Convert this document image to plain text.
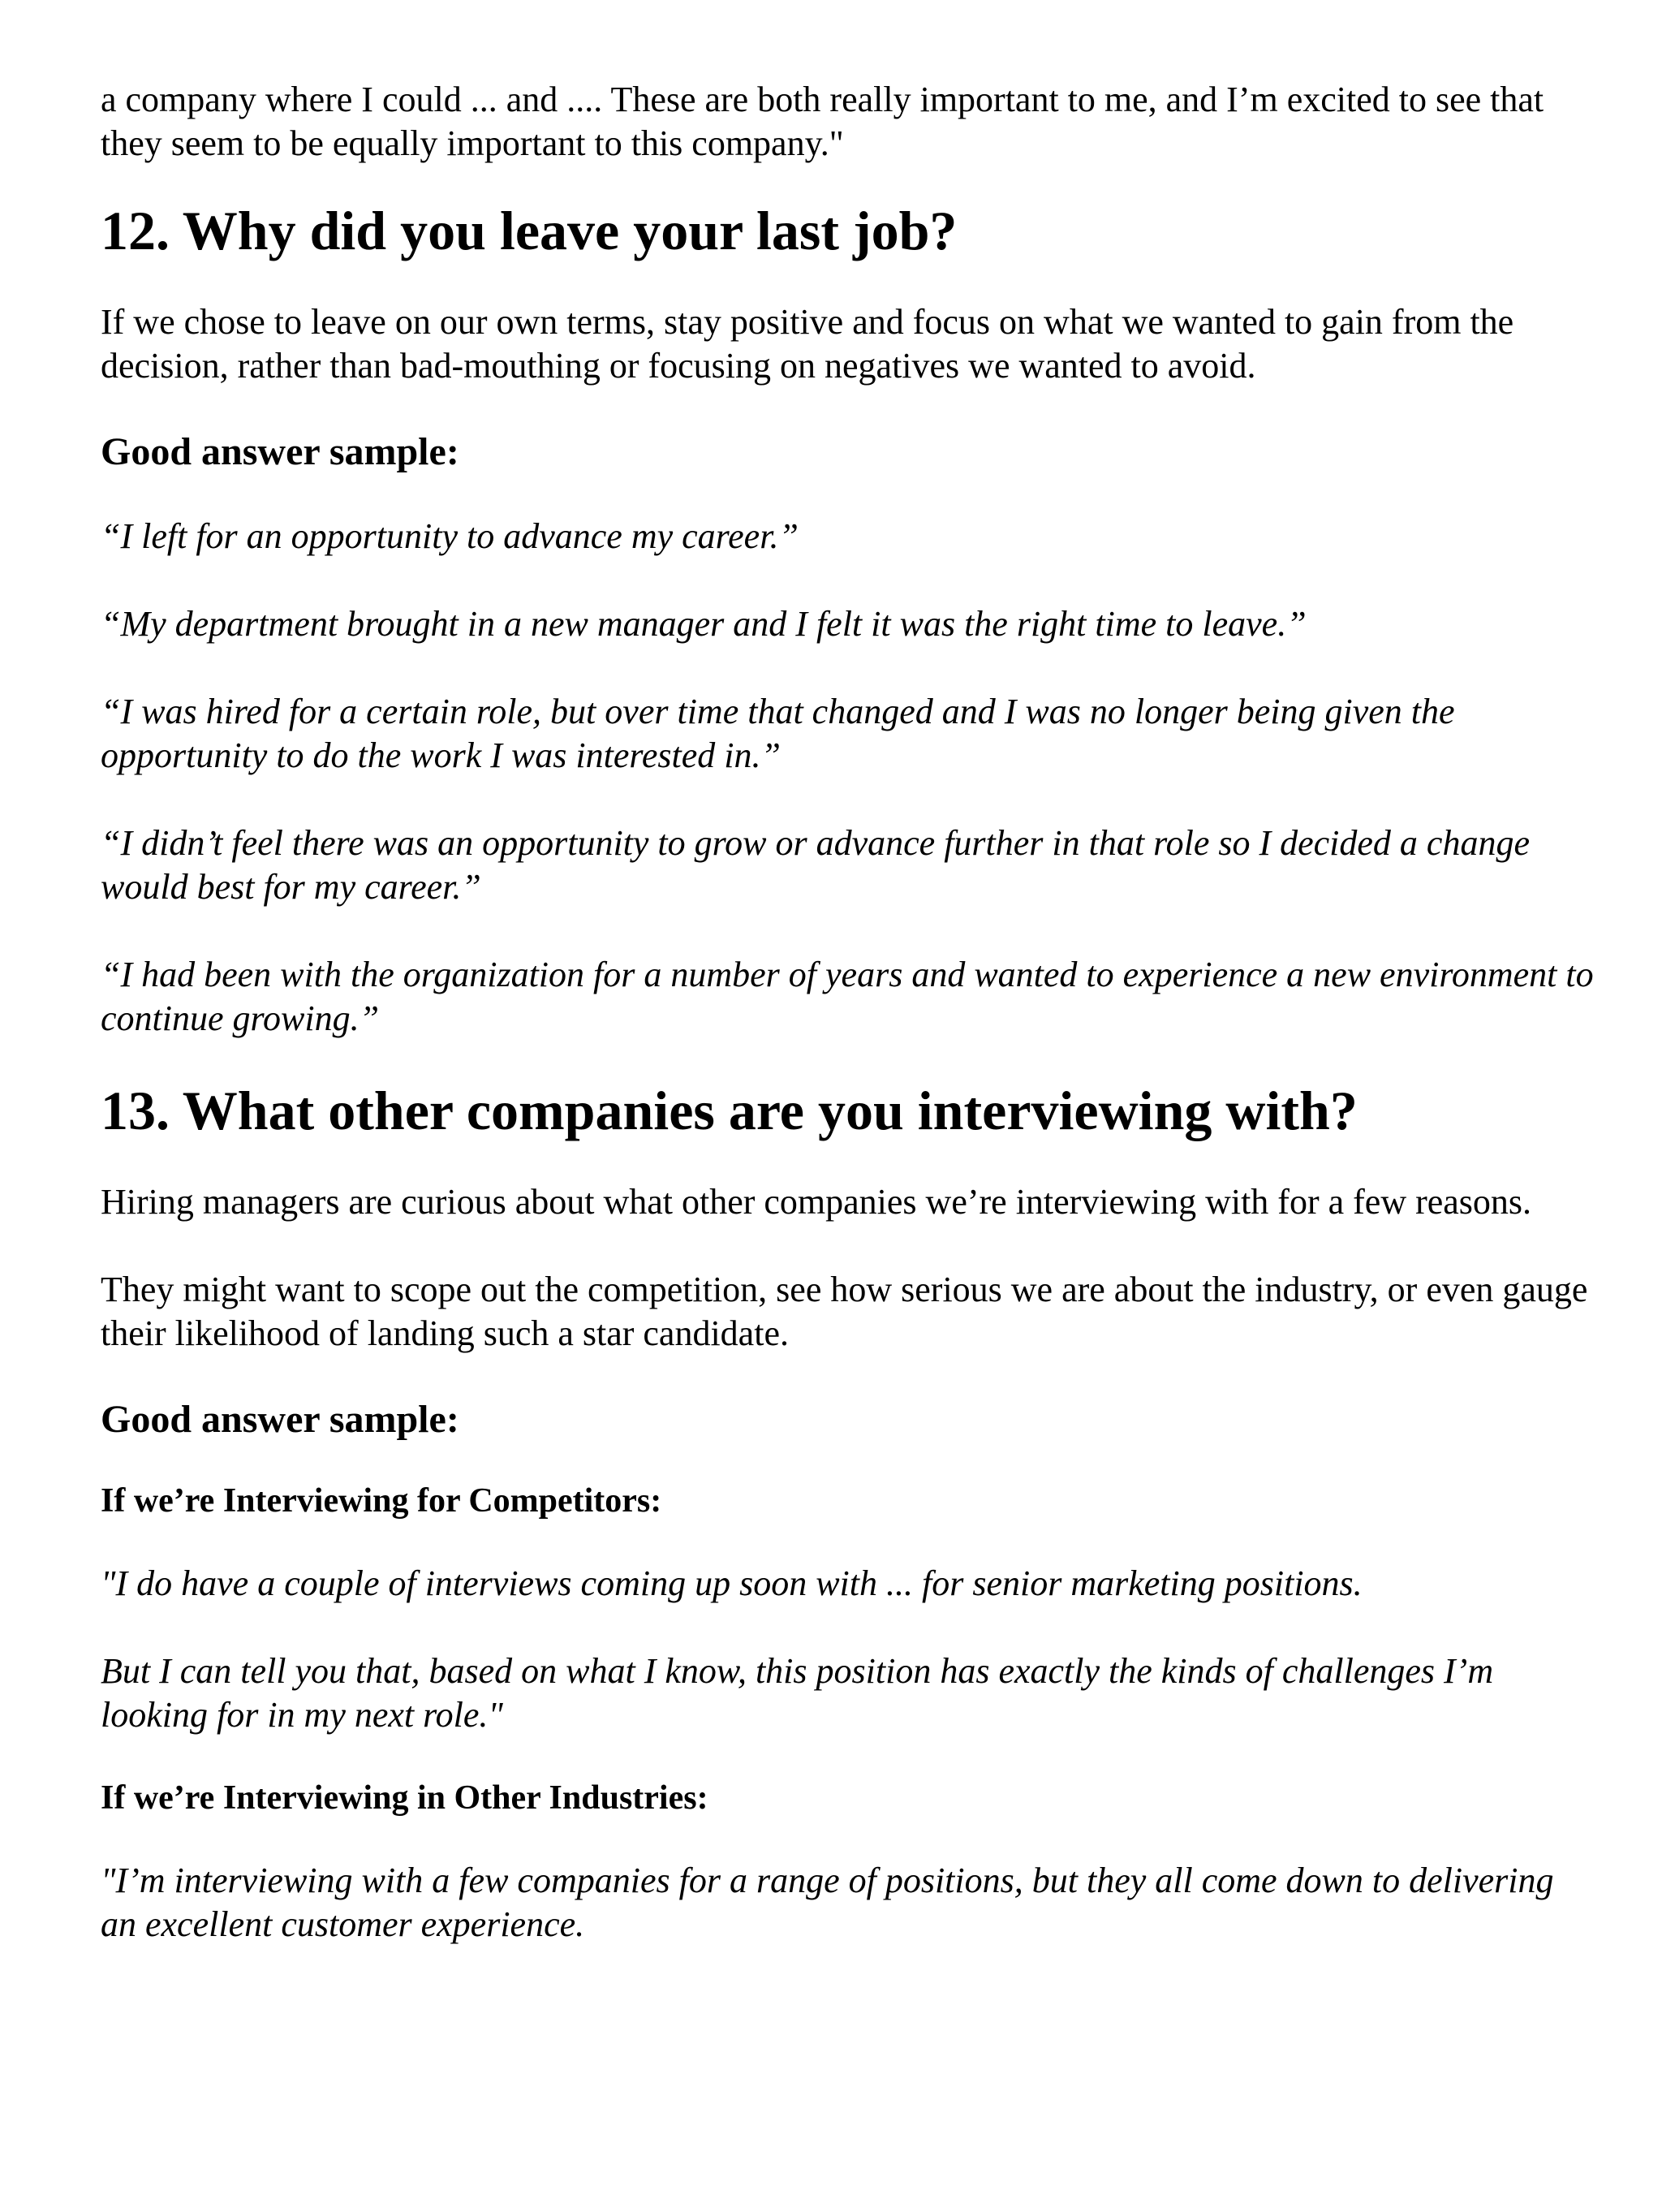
a company where I could ... and .... These are both really important to me, and I’m excited to see that they seem to be equally important to this company."

12. Why did you leave your last job?

If we chose to leave on our own terms, stay positive and focus on what we wanted to gain from the decision, rather than bad-mouthing or focusing on negatives we wanted to avoid.

Good answer sample:

“I left for an opportunity to advance my career.”

“My department brought in a new manager and I felt it was the right time to leave.”

“I was hired for a certain role, but over time that changed and I was no longer being given the opportunity to do the work I was interested in.”

“I didn’t feel there was an opportunity to grow or advance further in that role so I decided a change would best for my career.”

“I had been with the organization for a number of years and wanted to experience a new environment to continue growing.”

13. What other companies are you interviewing with?

Hiring managers are curious about what other companies we’re interviewing with for a few reasons.

They might want to scope out the competition, see how serious we are about the industry, or even gauge their likelihood of landing such a star candidate.

Good answer sample:
If we’re Interviewing for Competitors:

"I do have a couple of interviews coming up soon with ... for senior marketing positions.

But I can tell you that, based on what I know, this position has exactly the kinds of challenges I’m looking for in my next role."

If we’re Interviewing in Other Industries:

"I’m interviewing with a few companies for a range of positions, but they all come down to delivering an excellent customer experience.
